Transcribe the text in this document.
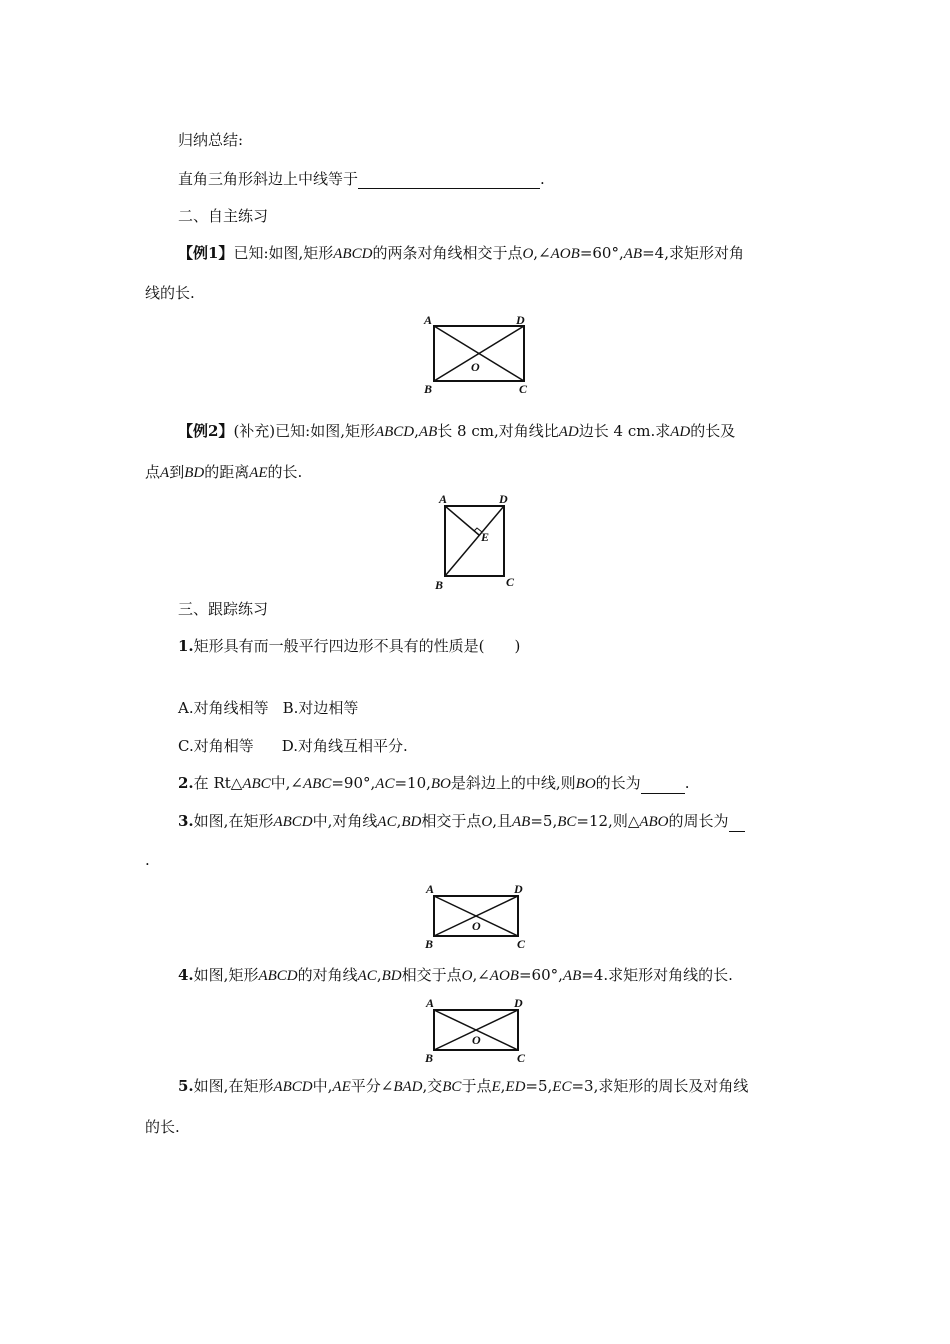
归纳总结:
直角三角形斜边上中线等于	.
二、自主练习
【例1】已知:如图,矩形ABCD的两条对角线相交于点O,∠AOB=60°,AB=4,求矩形对角
线的长.
A	D
B	C
O
【例2】(补充)已知:如图,矩形ABCD,AB长 8 cm,对角线比AD边长 4 cm.求AD的长及
点A到BD的距离AE的长.
A	D
B	C
E
三、跟踪练习
1.矩形具有而一般平行四边形不具有的性质是(　　)
A.对角线相等 B.对边相等
C.对角相等 D.对角线互相平分.
2.在 Rt△ABC中,∠ABC=90°,AC=10,BO是斜边上的中线,则BO的长为	.
3.如图,在矩形ABCD中,对角线AC,BD相交于点O,且AB=5,BC=12,则△ABO的周长为
.
A	D
B	C
O
4.如图,矩形ABCD的对角线AC,BD相交于点O,∠AOB=60°,AB=4.求矩形对角线的长.
A	D
B	C
O
5.如图,在矩形ABCD中,AE平分∠BAD,交BC于点E,ED=5,EC=3,求矩形的周长及对角线
的长.
